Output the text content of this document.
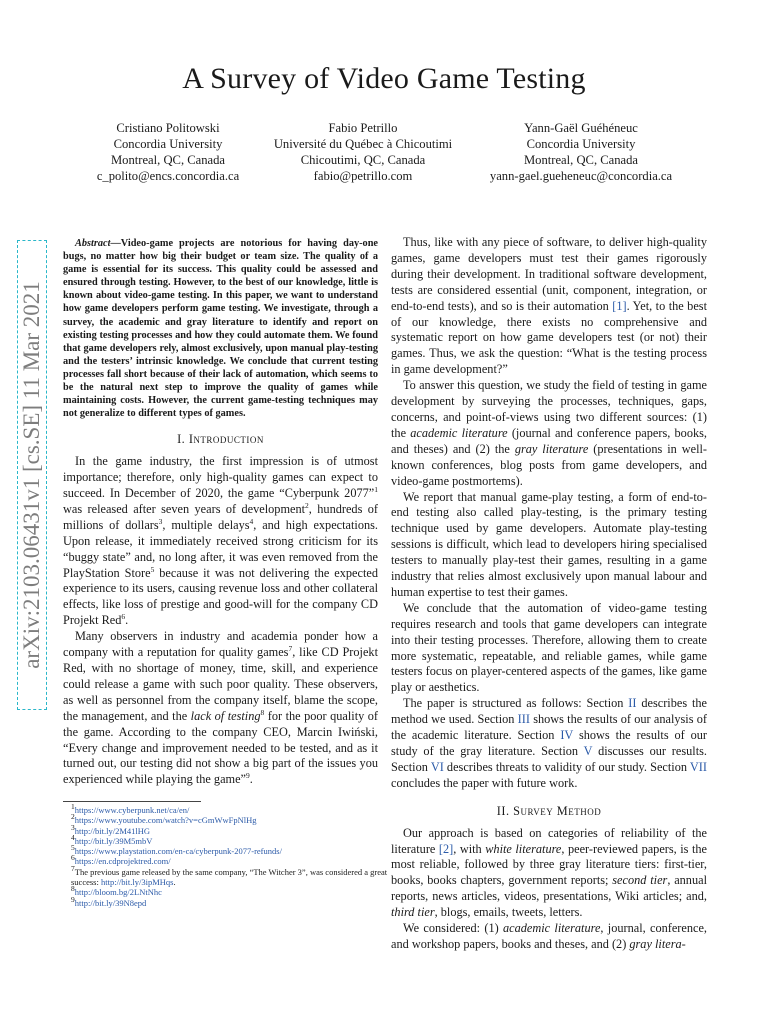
A Survey of Video Game Testing
Cristiano Politowski
Concordia University
Montreal, QC, Canada
c_polito@encs.concordia.ca
Fabio Petrillo
Université du Québec à Chicoutimi
Chicoutimi, QC, Canada
fabio@petrillo.com
Yann-Gaël Guéhéneuc
Concordia University
Montreal, QC, Canada
yann-gael.gueheneuc@concordia.ca
arXiv:2103.06431v1 [cs.SE] 11 Mar 2021

Abstract—Video-game projects are notorious for having day-one bugs, no matter how big their budget or team size. The quality of a game is essential for its success. This quality could be assessed and ensured through testing. However, to the best of our knowledge, little is known about video-game testing. In this paper, we want to understand how game developers perform game testing. We investigate, through a survey, the academic and gray literature to identify and report on existing testing processes and how they could automate them. We found that game developers rely, almost exclusively, upon manual play-testing and the testers’ intrinsic knowledge. We conclude that current testing processes fall short because of their lack of automation, which seems to be the natural next step to improve the quality of games while maintaining costs. However, the current game-testing techniques may not generalize to different types of games.

I. Introduction

In the game industry, the first impression is of utmost importance; therefore, only high-quality games can expect to succeed. In December of 2020, the game “Cyberpunk 2077”$^1$ was released after seven years of development$^2$, hundreds of millions of dollars$^3$, multiple delays$^4$, and high expectations. Upon release, it immediately received strong criticism for its “buggy state” and, no long after, it was even removed from the PlayStation Store$^5$ because it was not delivering the expected experience to its users, causing revenue loss and other collateral effects, like loss of prestige and good-will for the company CD Projekt Red$^6$.

Many observers in industry and academia ponder how a company with a reputation for quality games$^7$, like CD Projekt Red, with no shortage of money, time, skill, and experience could release a game with such poor quality. These observers, as well as personnel from the company itself, blame the scope, the management, and the lack of testing$^8$ for the poor quality of the game. According to the company CEO, Marcin Iwiński, “Every change and improvement needed to be tested, and as it turned out, our testing did not show a big part of the issues you experienced while playing the game”$^9$.

$^1$https://www.cyberpunk.net/ca/en/
$^2$https://www.youtube.com/watch?v=cGmWwFpNlHg
$^3$http://bit.ly/2M41lHG
$^4$http://bit.ly/39M5mbV
$^5$https://www.playstation.com/en-ca/cyberpunk-2077-refunds/
$^6$https://en.cdprojektred.com/
$^7$The previous game released by the same company, “The Witcher 3”, was considered a great success: http://bit.ly/3ipMHqs.
$^8$http://bloom.bg/2LNtNhc
$^9$http://bit.ly/39N8epd

Thus, like with any piece of software, to deliver high-quality games, game developers must test their games rigorously during their development. In traditional software development, tests are considered essential (unit, component, integration, or end-to-end tests), and so is their automation [1]. Yet, to the best of our knowledge, there exists no comprehensive and systematic report on how game developers test (or not) their games. Thus, we ask the question: “What is the testing process in game development?”

To answer this question, we study the field of testing in game development by surveying the processes, techniques, gaps, concerns, and point-of-views using two different sources: (1) the academic literature (journal and conference papers, books, and theses) and (2) the gray literature (presentations in well-known conferences, blog posts from game developers, and video-game postmortems).

We report that manual game-play testing, a form of end-to-end testing also called play-testing, is the primary testing technique used by game developers. Automate play-testing sessions is difficult, which lead to developers hiring specialised testers to manually play-test their games, resulting in a game industry that relies almost exclusively upon manual labour and human expertise to test their games.

We conclude that the automation of video-game testing requires research and tools that game developers can integrate into their testing processes. Therefore, allowing them to create more systematic, repeatable, and reliable games, while game testers focus on player-centered aspects of the games, like game play or aesthetics.

The paper is structured as follows: Section II describes the method we used. Section III shows the results of our analysis of the academic literature. Section IV shows the results of our study of the gray literature. Section V discusses our results. Section VI describes threats to validity of our study. Section VII concludes the paper with future work.

II. Survey Method

Our approach is based on categories of reliability of the literature [2], with white literature, peer-reviewed papers, is the most reliable, followed by three gray literature tiers: first-tier, books, books chapters, government reports; second tier, annual reports, news articles, videos, presentations, Wiki articles; and, third tier, blogs, emails, tweets, letters.

We considered: (1) academic literature, journal, conference, and workshop papers, books and theses, and (2) gray litera-
